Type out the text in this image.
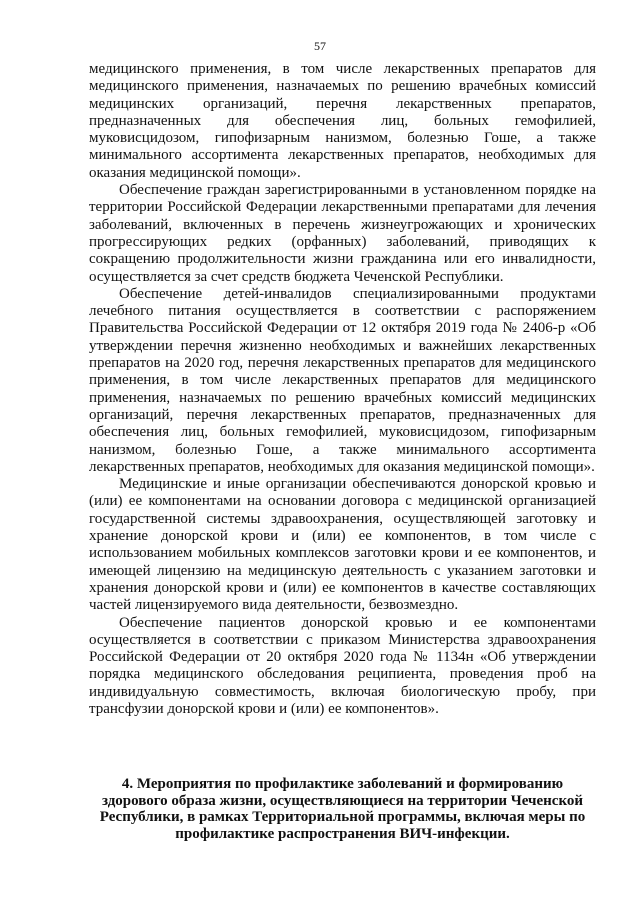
57

медицинского применения, в том числе лекарственных препаратов для медицинского применения, назначаемых по решению врачебных комиссий медицинских организаций, перечня лекарственных препаратов, предназначенных для обеспечения лиц, больных гемофилией, муковисцидозом, гипофизарным нанизмом, болезнью Гоше, а также минимального ассортимента лекарственных препаратов, необходимых для оказания медицинской помощи».

Обеспечение граждан зарегистрированными в установленном порядке на территории Российской Федерации лекарственными препаратами для лечения заболеваний, включенных в перечень жизнеугрожающих и хронических прогрессирующих редких (орфанных) заболеваний, приводящих к сокращению продолжительности жизни гражданина или его инвалидности, осуществляется за счет средств бюджета Чеченской Республики.

Обеспечение детей-инвалидов специализированными продуктами лечебного питания осуществляется в соответствии с распоряжением Правительства Российской Федерации от 12 октября 2019 года № 2406-р «Об утверждении перечня жизненно необходимых и важнейших лекарственных препаратов на 2020 год, перечня лекарственных препаратов для медицинского применения, в том числе лекарственных препаратов для медицинского применения, назначаемых по решению врачебных комиссий медицинских организаций, перечня лекарственных препаратов, предназначенных для обеспечения лиц, больных гемофилией, муковисцидозом, гипофизарным нанизмом, болезнью Гоше, а также минимального ассортимента лекарственных препаратов, необходимых для оказания медицинской помощи».

Медицинские и иные организации обеспечиваются донорской кровью и (или) ее компонентами на основании договора с медицинской организацией государственной системы здравоохранения, осуществляющей заготовку и хранение донорской крови и (или) ее компонентов, в том числе с использованием мобильных комплексов заготовки крови и ее компонентов, и имеющей лицензию на медицинскую деятельность с указанием заготовки и хранения донорской крови и (или) ее компонентов в качестве составляющих частей лицензируемого вида деятельности, безвозмездно.

Обеспечение пациентов донорской кровью и ее компонентами осуществляется в соответствии с приказом Министерства здравоохранения Российской Федерации от 20 октября 2020 года № 1134н «Об утверждении порядка медицинского обследования реципиента, проведения проб на индивидуальную совместимость, включая биологическую пробу, при трансфузии донорской крови и (или) ее компонентов».

4. Мероприятия по профилактике заболеваний и формированию здорового образа жизни, осуществляющиеся на территории Чеченской Республики, в рамках Территориальной программы, включая меры по профилактике распространения ВИЧ-инфекции.
